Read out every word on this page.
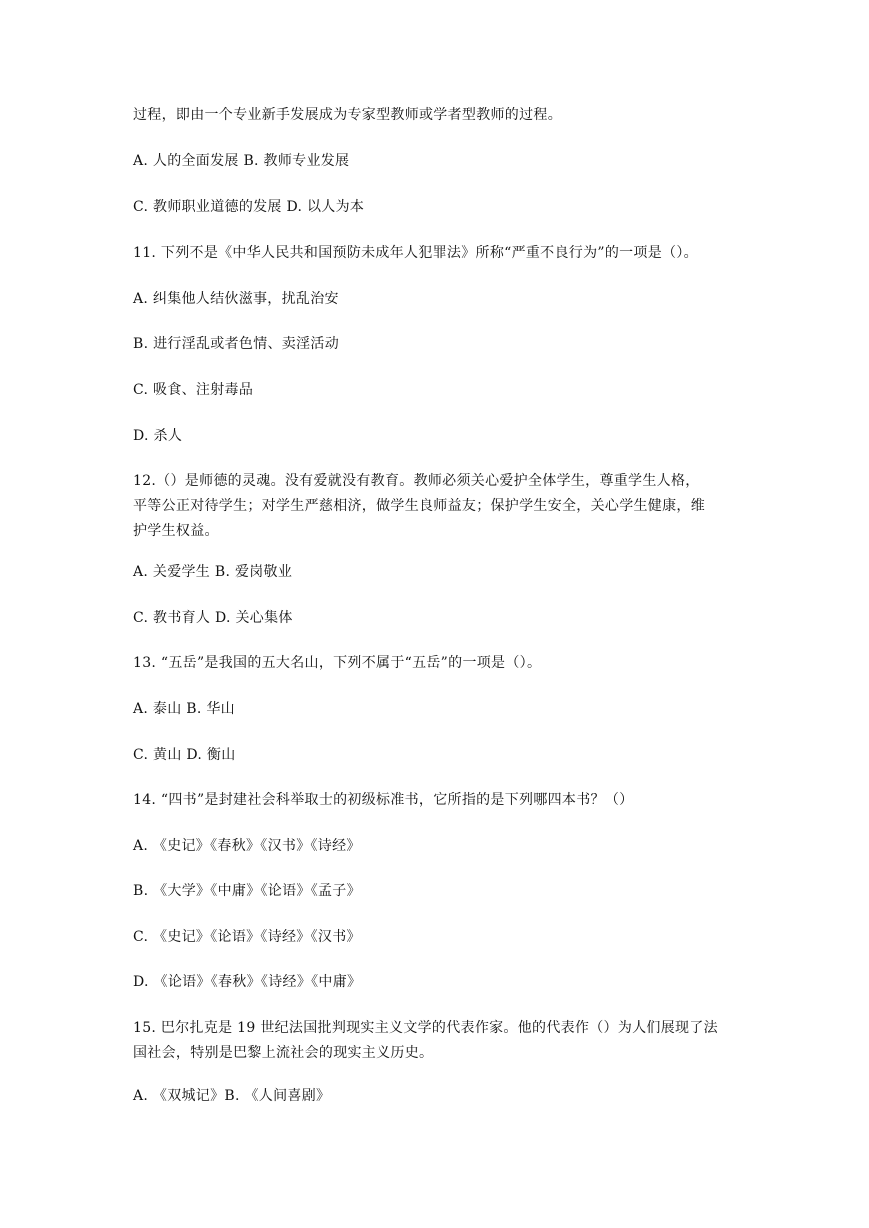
过程，即由一个专业新手发展成为专家型教师或学者型教师的过程。
A. 人的全面发展 B. 教师专业发展
C. 教师职业道德的发展 D. 以人为本
11. 下列不是《中华人民共和国预防未成年人犯罪法》所称“严重不良行为”的一项是（）。
A. 纠集他人结伙滋事，扰乱治安
B. 进行淫乱或者色情、卖淫活动
C. 吸食、注射毒品
D. 杀人
12.（）是师德的灵魂。没有爱就没有教育。教师必须关心爱护全体学生，尊重学生人格，
平等公正对待学生；对学生严慈相济，做学生良师益友；保护学生安全，关心学生健康，维
护学生权益。
A. 关爱学生 B. 爱岗敬业
C. 教书育人 D. 关心集体
13. “五岳”是我国的五大名山，下列不属于“五岳”的一项是（）。
A. 泰山 B. 华山
C. 黄山 D. 衡山
14. “四书”是封建社会科举取士的初级标准书，它所指的是下列哪四本书？（）
A. 《史记》《春秋》《汉书》《诗经》
B. 《大学》《中庸》《论语》《孟子》
C. 《史记》《论语》《诗经》《汉书》
D. 《论语》《春秋》《诗经》《中庸》
15. 巴尔扎克是 19 世纪法国批判现实主义文学的代表作家。他的代表作（）为人们展现了法
国社会，特别是巴黎上流社会的现实主义历史。
A. 《双城记》B. 《人间喜剧》
